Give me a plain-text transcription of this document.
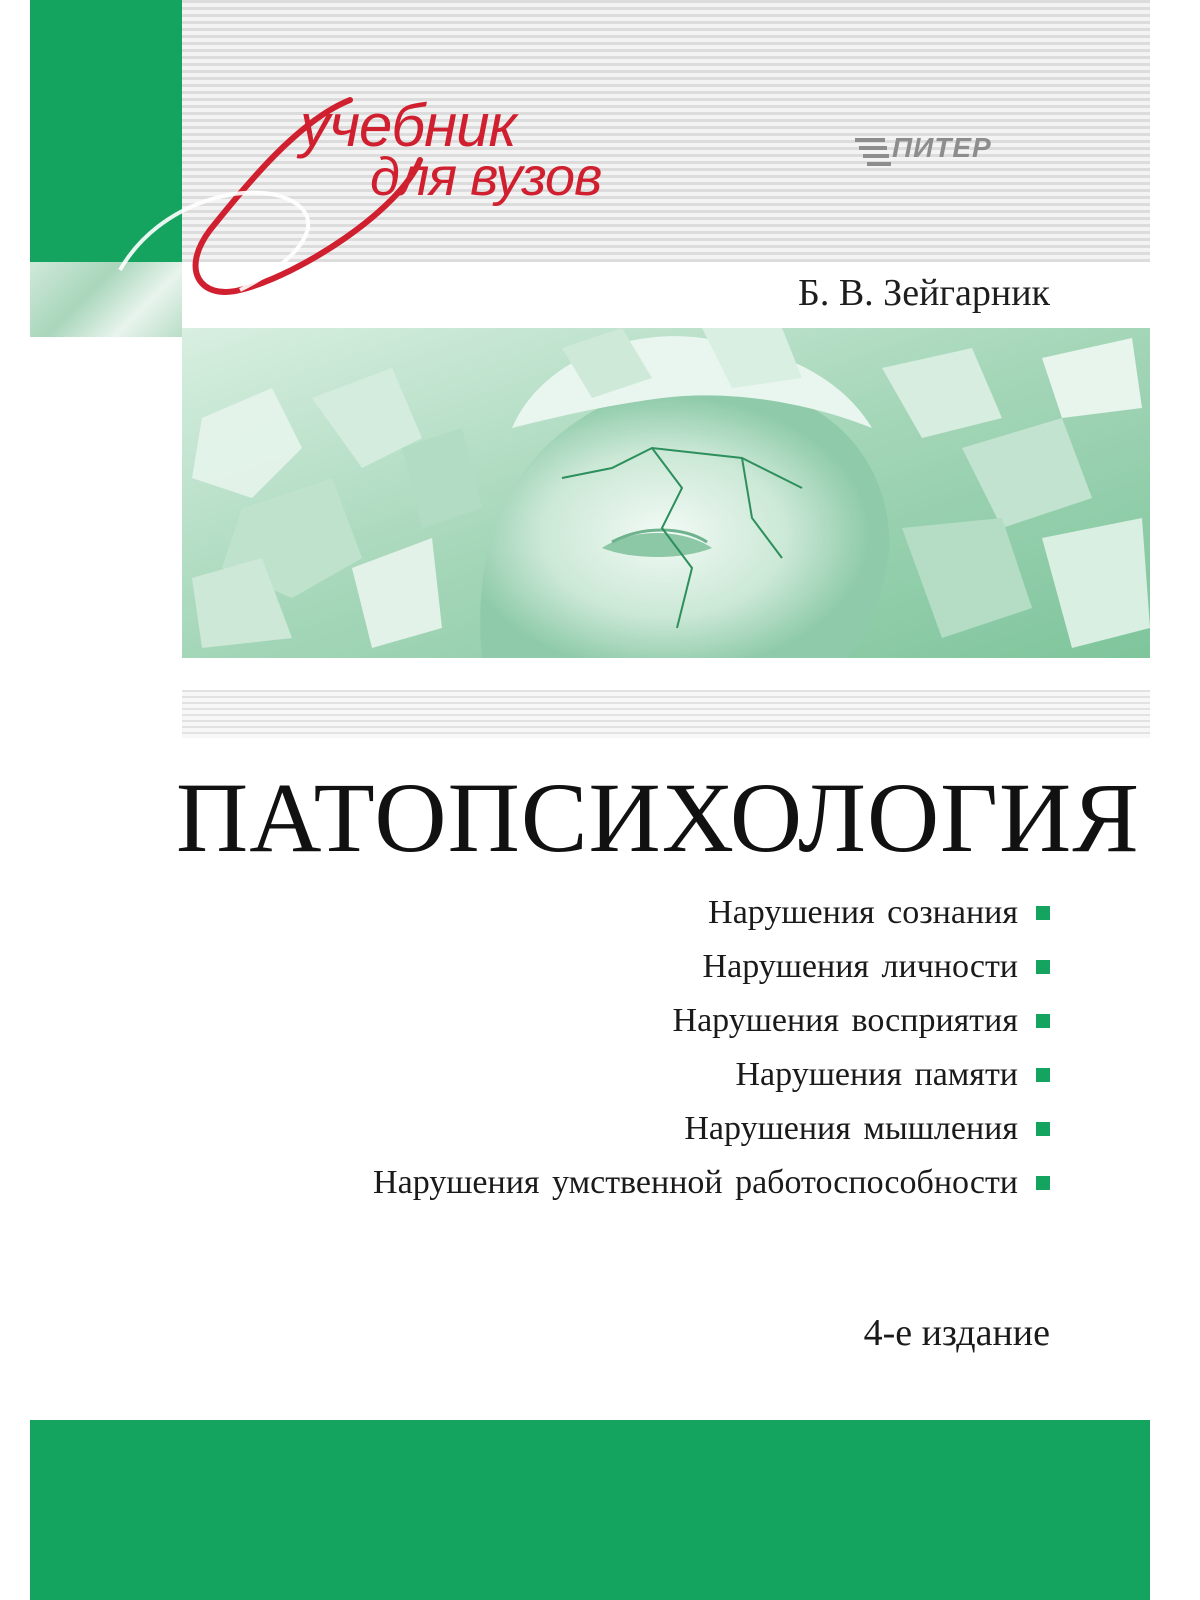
учебник
для вузов	ПИТЕР
Б. В. Зейгарник
ПАТОПСИХОЛОГИЯ
Нарушения сознания
Нарушения личности
Нарушения восприятия
Нарушения памяти
Нарушения мышления
Нарушения умственной работоспособности
4-е издание
